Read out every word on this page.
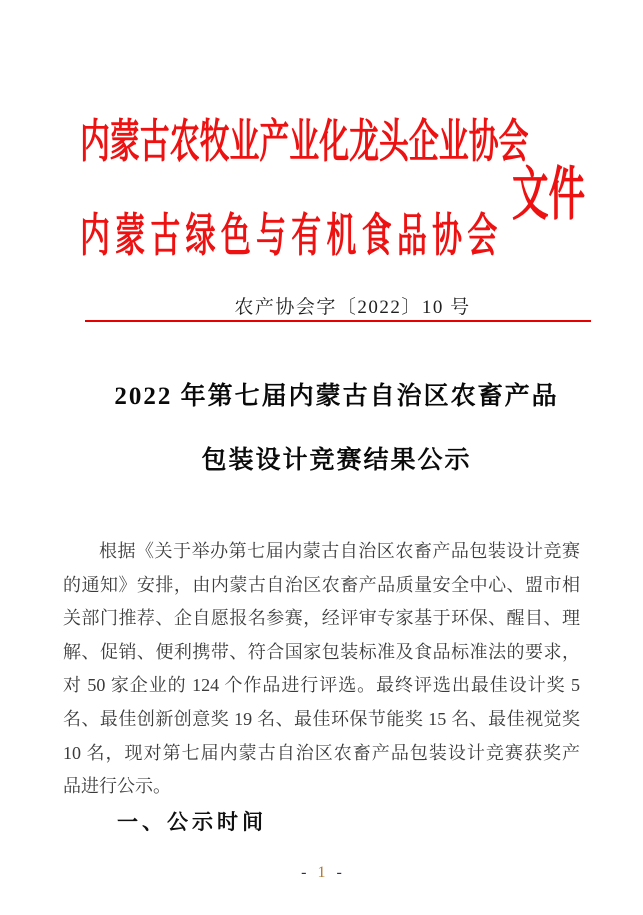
内蒙古农牧业产业化龙头企业协会
内蒙古绿色与有机食品协会
文件
农产协会字〔2022〕10 号
2022 年第七届内蒙古自治区农畜产品
包装设计竞赛结果公示
根据《关于举办第七届内蒙古自治区农畜产品包装设计竞赛
的通知》安排，由内蒙古自治区农畜产品质量安全中心、盟市相
关部门推荐、企自愿报名参赛，经评审专家基于环保、醒目、理
解、促销、便利携带、符合国家包装标准及食品标准法的要求，
对 50 家企业的 124 个作品进行评选。最终评选出最佳设计奖 5
名、最佳创新创意奖 19 名、最佳环保节能奖 15 名、最佳视觉奖
10 名，现对第七届内蒙古自治区农畜产品包装设计竞赛获奖产
品进行公示。
一、公示时间
- 1 -
